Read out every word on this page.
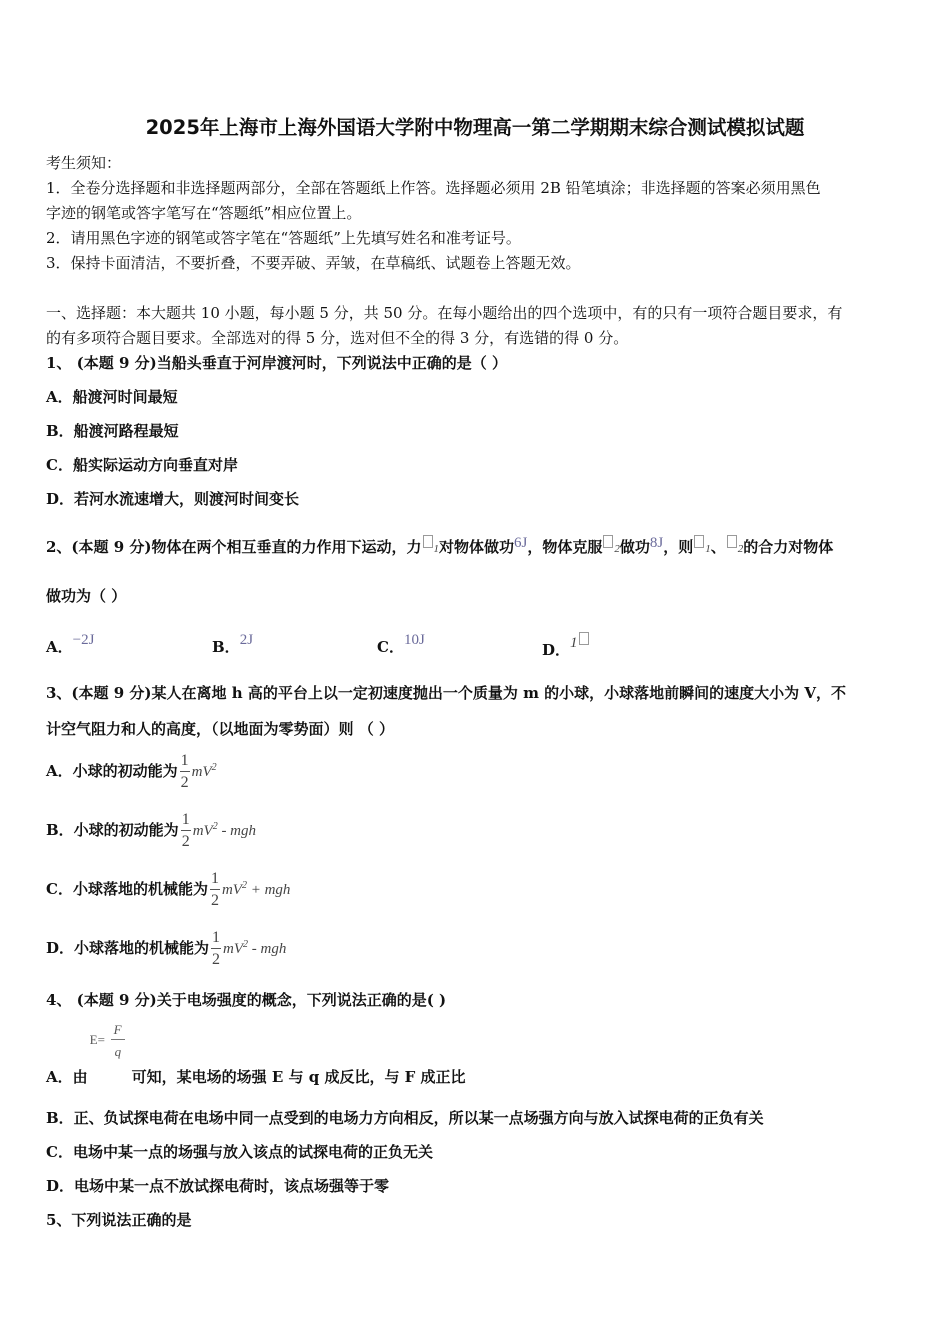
2025年上海市上海外国语大学附中物理高一第二学期期末综合测试模拟试题
考生须知：
1．全卷分选择题和非选择题两部分，全部在答题纸上作答。选择题必须用 2B 铅笔填涂；非选择题的答案必须用黑色
字迹的钢笔或答字笔写在“答题纸”相应位置上。
2．请用黑色字迹的钢笔或答字笔在“答题纸”上先填写姓名和准考证号。
3．保持卡面清洁，不要折叠，不要弄破、弄皱，在草稿纸、试题卷上答题无效。
一、选择题：本大题共 10 小题，每小题 5 分，共 50 分。在每小题给出的四个选项中，有的只有一项符合题目要求，有
的有多项符合题目要求。全部选对的得 5 分，选对但不全的得 3 分，有选错的得 0 分。
1、 (本题 9 分)当船头垂直于河岸渡河时，下列说法中正确的是（ ）
A．船渡河时间最短
B．船渡河路程最短
C．船实际运动方向垂直对岸
D．若河水流速增大，则渡河时间变长
2、(本题 9 分)物体在两个相互垂直的力作用下运动，力 1对物体做功6J，物体克服 2做功8J，则 1、 2的合力对物体
做功为（ ）
A．−2J	B．2J	C．10J
D．1
3、(本题 9 分)某人在离地 h 高的平台上以一定初速度抛出一个质量为 m 的小球，小球落地前瞬间的速度大小为 V，不
计空气阻力和人的高度，（以地面为零势面）则 （ ）
A．小球的初动能为 $\frac{1}{2} mV^2$
B．小球的初动能为 $\frac{1}{2} mV^2$ - mgh
C．小球落地的机械能为 $\frac{1}{2} mV^2$ + mgh
D．小球落地的机械能为 $\frac{1}{2} mV^2$ - mgh
4、 (本题 9 分)关于电场强度的概念，下列说法正确的是( )
A．由
E=
F
q
可知，某电场的场强 E 与 q 成反比，与 F 成正比
B．正、负试探电荷在电场中同一点受到的电场力方向相反，所以某一点场强方向与放入试探电荷的正负有关
C．电场中某一点的场强与放入该点的试探电荷的正负无关
D．电场中某一点不放试探电荷时，该点场强等于零
5、下列说法正确的是
